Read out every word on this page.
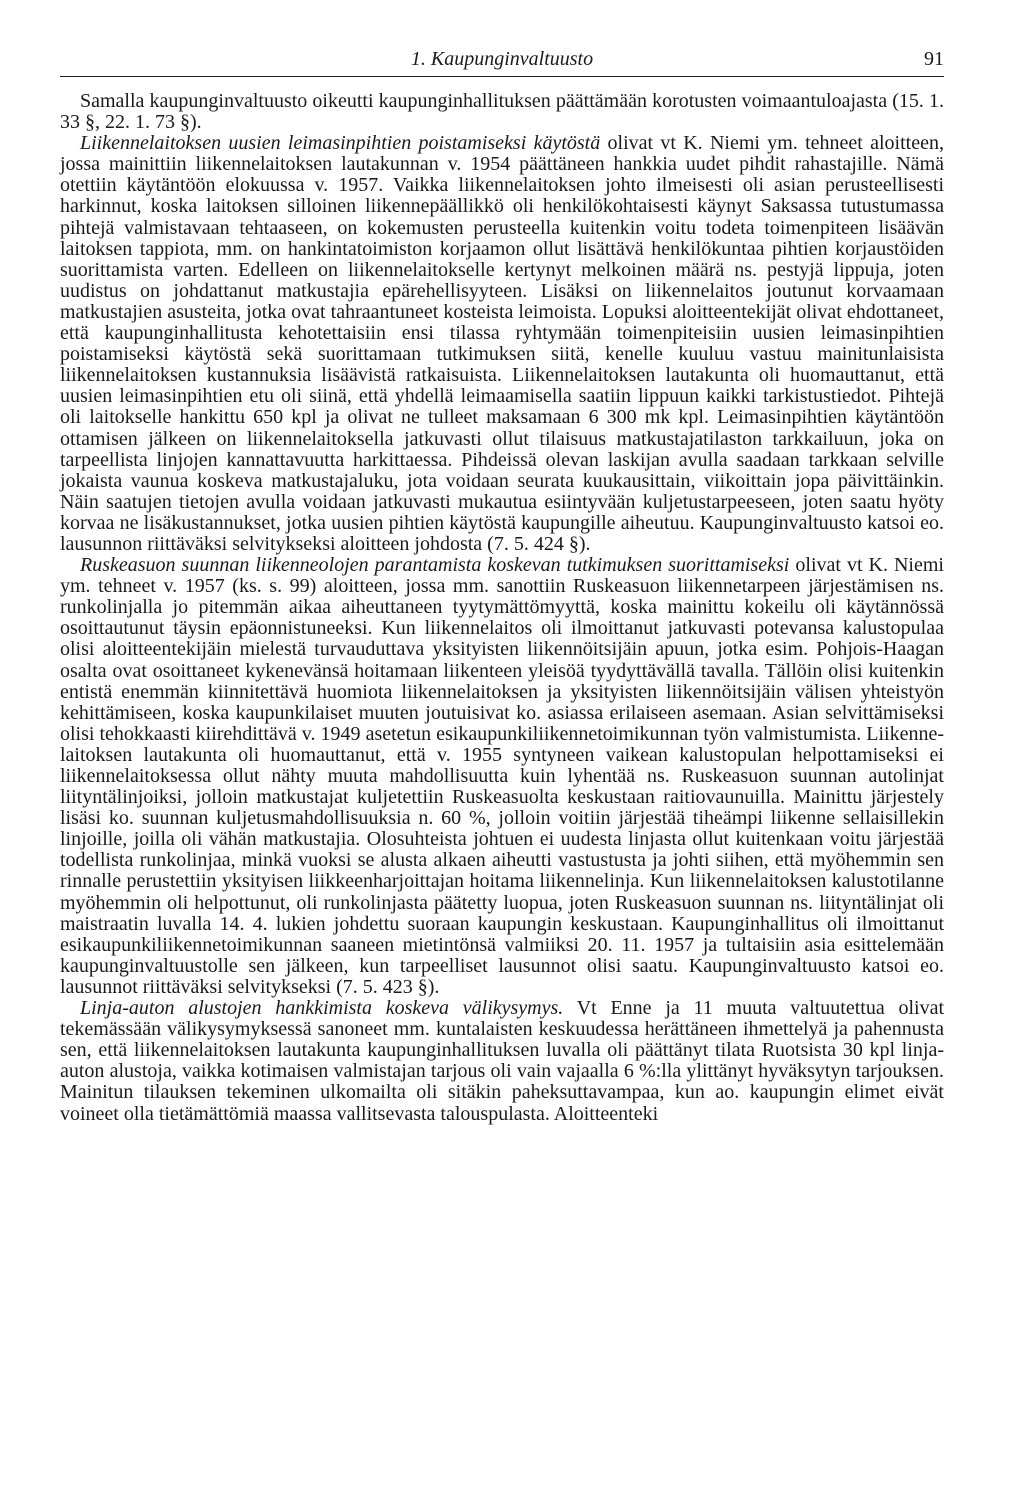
1. Kaupunginvaltuusto	91

Samalla kaupunginvaltuusto oikeutti kaupunginhallituksen päättämään korotusten voimaantuloajasta (15. 1. 33 §, 22. 1. 73 §).

Liikennelaitoksen uusien leimasinpihtien poistamiseksi käytöstä olivat vt K. Niemi ym. tehneet aloitteen, jossa mainittiin liikennelaitoksen lautakunnan v. 1954 päättäneen hankkia uudet pihdit rahastajille. Nämä otettiin käytäntöön elokuussa v. 1957. Vaikka liikennelaitoksen johto ilmeisesti oli asian perusteellisesti harkinnut, koska laitoksen silloinen liikennepäällikkö oli henkilökohtaisesti käynyt Saksassa tutustumassa pihtejä valmistavaan tehtaaseen, on kokemusten perusteella kuitenkin voitu todeta toimenpiteen lisäävän laitoksen tappiota, mm. on hankintatoimiston korjaamon ollut lisättävä henkilökuntaa pihtien korjaustöiden suorittamista varten. Edelleen on liikennelaitokselle kertynyt melkoinen määrä ns. pestyjä lippuja, joten uudistus on johdattanut matkustajia epärehellisyyteen. Lisäksi on liikennelaitos joutunut korvaamaan matkustajien asusteita, jotka ovat tahraantuneet kosteista leimoista. Lopuksi aloitteentekijät olivat ehdottaneet, että kaupunginhallitusta kehotettaisiin ensi tilassa ryhtymään toimenpiteisiin uusien leimasinpihtien poistamiseksi käytöstä sekä suorittamaan tutkimuksen siitä, kenelle kuuluu vastuu mainitunlaisista liikennelaitoksen kustannuksia lisäävistä ratkaisuista. Liikennelaitoksen lautakunta oli huomauttanut, että uusien leimasinpihtien etu oli siinä, että yhdellä leimaamisella saatiin lippuun kaikki tarkistustiedot. Pihtejä oli laitokselle hankittu 650 kpl ja olivat ne tulleet maksamaan 6 300 mk kpl. Leimasinpihtien käytäntöön ottamisen jälkeen on liikennelaitoksella jatkuvasti ollut tilaisuus matkustajatilaston tarkkailuun, joka on tarpeellista linjojen kannattavuutta harkittaessa. Pihdeissä olevan laskijan avulla saadaan tarkkaan selville jokaista vaunua koskeva matkustajaluku, jota voidaan seurata kuukausittain, viikoittain jopa päivittäinkin. Näin saatujen tietojen avulla voidaan jatkuvasti mukautua esiintyvään kuljetustarpeeseen, joten saatu hyöty korvaa ne lisäkustannukset, jotka uusien pihtien käytöstä kaupungille aiheutuu. Kaupunginvaltuusto katsoi eo. lausunnon riittäväksi selvitykseksi aloitteen johdosta (7. 5. 424 §).

Ruskeasuon suunnan liikenneolojen parantamista koskevan tutkimuksen suorittamiseksi olivat vt K. Niemi ym. tehneet v. 1957 (ks. s. 99) aloitteen, jossa mm. sanottiin Ruskeasuon liikennetarpeen järjestämisen ns. runkolinjalla jo pitemmän aikaa aiheuttaneen tyytymättömyyttä, koska mainittu kokeilu oli käytännössä osoittautunut täysin epäonnistuneeksi. Kun liikennelaitos oli ilmoittanut jatkuvasti potevansa kalustopulaa olisi aloitteentekijäin mielestä turvauduttava yksityisten liikennöitsijäin apuun, jotka esim. Pohjois-Haagan osalta ovat osoittaneet kykenevänsä hoitamaan liikenteen yleisöä tyydyttävällä tavalla. Tällöin olisi kuitenkin entistä enemmän kiinnitettävä huomiota liikennelaitoksen ja yksityisten liikennöitsijäin välisen yhteistyön kehittämiseen, koska kaupunkilaiset muuten joutuisivat ko. asiassa erilaiseen asemaan. Asian selvittämiseksi olisi tehokkaasti kiirehdittävä v. 1949 asetetun esikaupunkiliikennetoimikunnan työn valmistumista. Liikennelaitoksen lautakunta oli huomauttanut, että v. 1955 syntyneen vaikean kalustopulan helpottamiseksi ei liikennelaitoksessa ollut nähty muuta mahdollisuutta kuin lyhentää ns. Ruskeasuon suunnan autolinjat liityntälinjoiksi, jolloin matkustajat kuljetettiin Ruskeasuolta keskustaan raitiovaunuilla. Mainittu järjestely lisäsi ko. suunnan kuljetusmahdollisuuksia n. 60 %, jolloin voitiin järjestää tiheämpi liikenne sellaisillekin linjoille, joilla oli vähän matkustajia. Olosuhteista johtuen ei uudesta linjasta ollut kuitenkaan voitu järjestää todellista runkolinjaa, minkä vuoksi se alusta alkaen aiheutti vastustusta ja johti siihen, että myöhemmin sen rinnalle perustettiin yksityisen liikkeenharjoittajan hoitama liikennelinja. Kun liikennelaitoksen kalustotilanne myöhemmin oli helpottunut, oli runkolinjasta päätetty luopua, joten Ruskeasuon suunnan ns. liityntälinjat oli maistraatin luvalla 14. 4. lukien johdettu suoraan kaupungin keskustaan. Kaupunginhallitus oli ilmoittanut esikaupunkiliikennetoimikunnan saaneen mietintönsä valmiiksi 20. 11. 1957 ja tultaisiin asia esittelemään kaupunginvaltuustolle sen jälkeen, kun tarpeelliset lausunnot olisi saatu. Kaupunginvaltuusto katsoi eo. lausunnot riittäväksi selvitykseksi (7. 5. 423 §).

Linja-auton alustojen hankkimista koskeva välikysymys. Vt Enne ja 11 muuta valtuutettua olivat tekemässään välikysymyksessä sanoneet mm. kuntalaisten keskuudessa herättäneen ihmettelyä ja pahennusta sen, että liikennelaitoksen lautakunta kaupunginhallituksen luvalla oli päättänyt tilata Ruotsista 30 kpl linja-auton alustoja, vaikka kotimaisen valmistajan tarjous oli vain vajaalla 6 %:lla ylittänyt hyväksytyn tarjouksen. Mainitun tilauksen tekeminen ulkomailta oli sitäkin paheksuttavampaa, kun ao. kaupungin elimet eivät voineet olla tietämättömiä maassa vallitsevasta talouspulasta. Aloitteenteki
